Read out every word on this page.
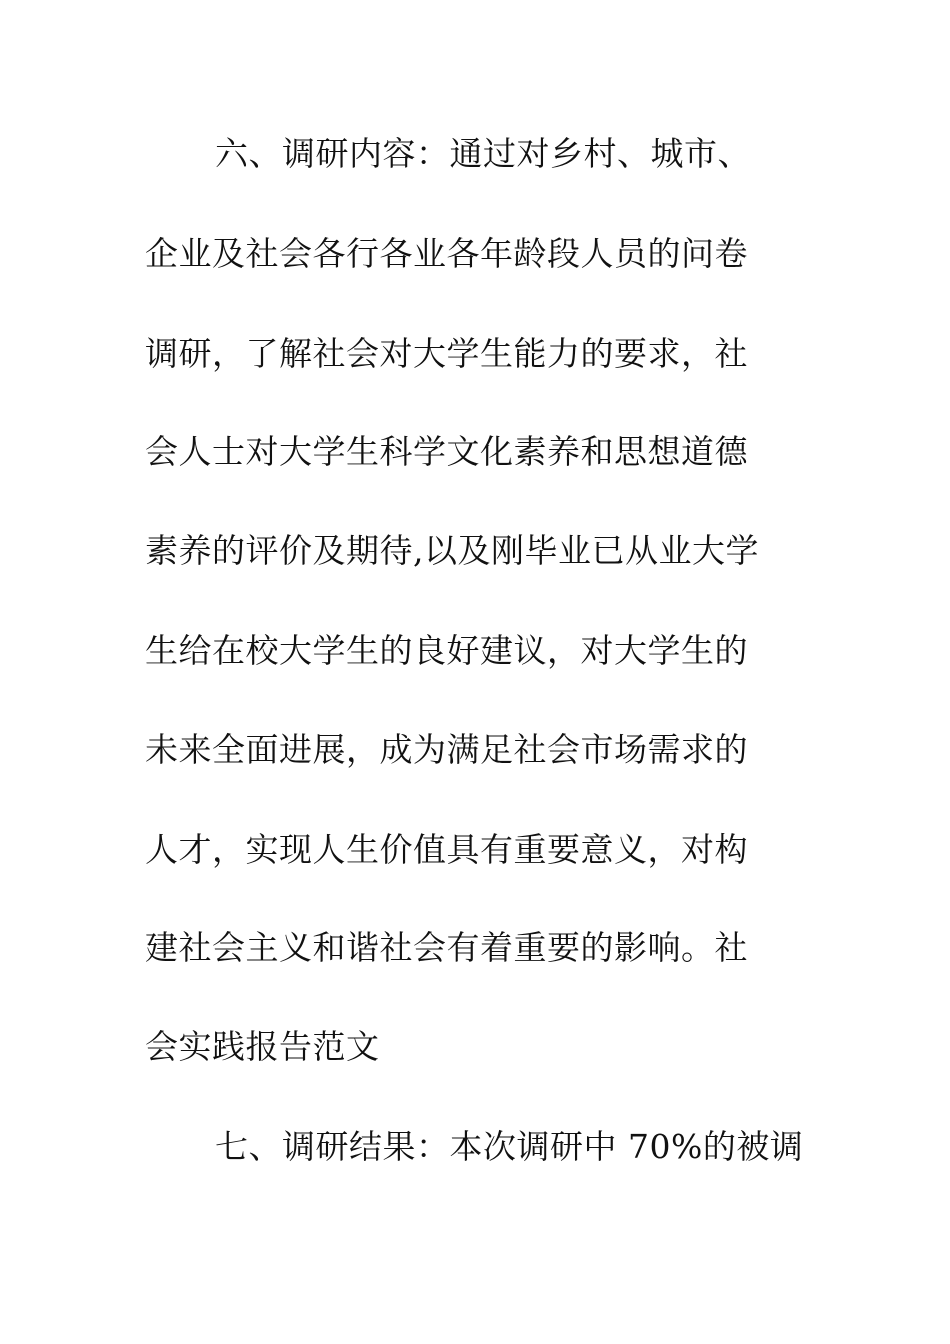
六、调研内容：通过对乡村、城市、
企业及社会各行各业各年龄段人员的问卷
调研，了解社会对大学生能力的要求，社
会人士对大学生科学文化素养和思想道德
素养的评价及期待,以及刚毕业已从业大学
生给在校大学生的良好建议，对大学生的
未来全面进展，成为满足社会市场需求的
人才，实现人生价值具有重要意义，对构
建社会主义和谐社会有着重要的影响。社
会实践报告范文
七、调研结果：本次调研中 70%的被调
